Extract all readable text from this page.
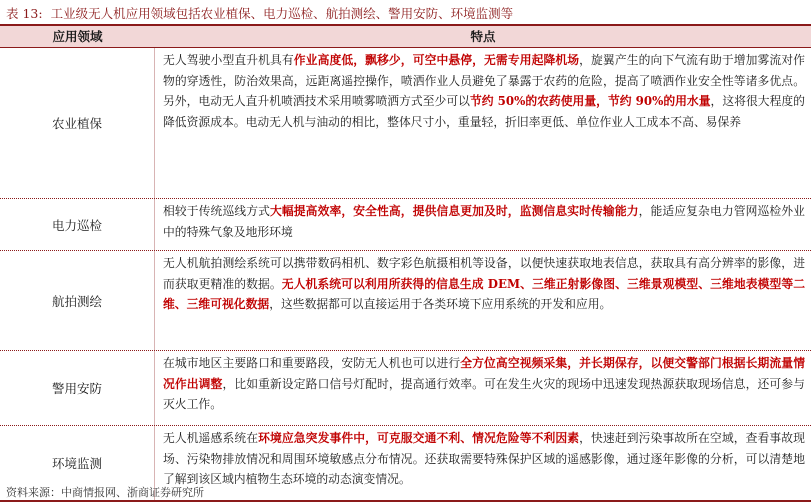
表 13: 工业级无人机应用领域包括农业植保、电力巡检、航拍测绘、警用安防、环境监测等
应用领域	特点
农业植保
无人驾驶小型直升机具有作业高度低，飘移少，可空中悬停，无需专用起降机场，旋翼产生的向下气流有助于增加雾流对作物的穿透性，防治效果高，远距离遥控操作，喷洒作业人员避免了暴露于农药的危险，提高了喷洒作业安全性等诸多优点。另外，电动无人直升机喷洒技术采用喷雾喷洒方式至少可以节约 50%的农药使用量，节约 90%的用水量，这将很大程度的降低资源成本。电动无人机与油动的相比，整体尺寸小，重量轻，折旧率更低、单位作业人工成本不高、易保养
电力巡检
相较于传统巡线方式大幅提高效率，安全性高，提供信息更加及时，监测信息实时传输能力，能适应复杂电力管网巡检外业中的特殊气象及地形环境
航拍测绘
无人机航拍测绘系统可以携带数码相机、数字彩色航摄相机等设备，以便快速获取地表信息，获取具有高分辨率的影像，进而获取更精准的数据。无人机系统可以利用所获得的信息生成 DEM、三维正射影像图、三维景观模型、三维地表模型等二维、三维可视化数据，这些数据都可以直接运用于各类环境下应用系统的开发和应用。
警用安防
在城市地区主要路口和重要路段，安防无人机也可以进行全方位高空视频采集，并长期保存，以便交警部门根据长期流量情况作出调整，比如重新设定路口信号灯配时，提高通行效率。可在发生火灾的现场中迅速发现热源获取现场信息，还可参与灭火工作。
环境监测
无人机遥感系统在环境应急突发事件中，可克服交通不利、情况危险等不利因素，快速赶到污染事故所在空域，查看事故现场、污染物排放情况和周围环境敏感点分布情况。还获取需要特殊保护区域的遥感影像，通过逐年影像的分析，可以清楚地了解到该区域内植物生态环境的动态演变情况。
资料来源：中商情报网、浙商证券研究所
